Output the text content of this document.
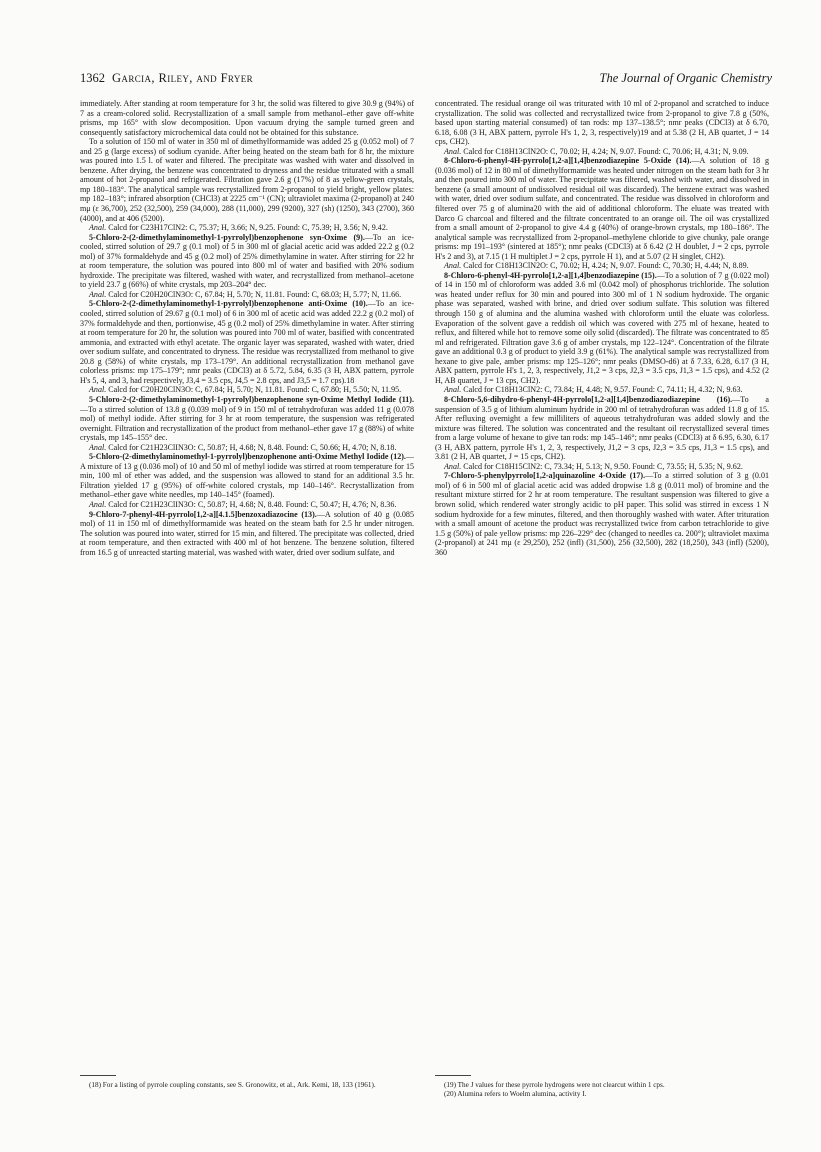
1362 Garcia, Riley, and Fryer	The Journal of Organic Chemistry

immediately. After standing at room temperature for 3 hr, the solid was filtered to give 30.9 g (94%) of 7 as a cream-colored solid. Recrystallization of a small sample from methanol–ether gave off-white prisms, mp 165° with slow decomposition. Upon vacuum drying the sample turned green and consequently satisfactory microchemical data could not be obtained for this substance.

To a solution of 150 ml of water in 350 ml of dimethylformamide was added 25 g (0.052 mol) of 7 and 25 g (large excess) of sodium cyanide. After being heated on the steam bath for 8 hr, the mixture was poured into 1.5 l. of water and filtered. The precipitate was washed with water and dissolved in benzene. After drying, the benzene was concentrated to dryness and the residue triturated with a small amount of hot 2-propanol and refrigerated. Filtration gave 2.6 g (17%) of 8 as yellow-green crystals, mp 180–183°. The analytical sample was recrystallized from 2-propanol to yield bright, yellow plates: mp 182–183°; infrared absorption (CHCl3) at 2225 cm⁻¹ (CN); ultraviolet maxima (2-propanol) at 240 mμ (ε 36,700), 252 (32,500), 259 (34,000), 288 (11,000), 299 (9200), 327 (sh) (1250), 343 (2700), 360 (4000), and at 406 (5200).

Anal. Calcd for C23H17ClN2: C, 75.37; H, 3.66; N, 9.25. Found: C, 75.39; H, 3.56; N, 9.42.

5-Chloro-2-(2-dimethylaminomethyl-1-pyrrolyl)benzophenone syn-Oxime (9).—To an ice-cooled, stirred solution of 29.7 g (0.1 mol) of 5 in 300 ml of glacial acetic acid was added 22.2 g (0.2 mol) of 37% formaldehyde and 45 g (0.2 mol) of 25% dimethylamine in water. After stirring for 22 hr at room temperature, the solution was poured into 800 ml of water and basified with 20% sodium hydroxide. The precipitate was filtered, washed with water, and recrystallized from methanol–acetone to yield 23.7 g (66%) of white crystals, mp 203–204° dec.

Anal. Calcd for C20H20ClN3O: C, 67.84; H, 5.70; N, 11.81. Found: C, 68.03; H, 5.77; N, 11.66.

5-Chloro-2-(2-dimethylaminomethyl-1-pyrrolyl)benzophenone anti-Oxime (10).—To an ice-cooled, stirred solution of 29.67 g (0.1 mol) of 6 in 300 ml of acetic acid was added 22.2 g (0.2 mol) of 37% formaldehyde and then, portionwise, 45 g (0.2 mol) of 25% dimethylamine in water. After stirring at room temperature for 20 hr, the solution was poured into 700 ml of water, basified with concentrated ammonia, and extracted with ethyl acetate. The organic layer was separated, washed with water, dried over sodium sulfate, and concentrated to dryness. The residue was recrystallized from methanol to give 20.8 g (58%) of white crystals, mp 173–179°. An additional recrystallization from methanol gave colorless prisms: mp 175–179°; nmr peaks (CDCl3) at δ 5.72, 5.84, 6.35 (3 H, ABX pattern, pyrrole H's 5, 4, and 3, had respectively, J3,4 = 3.5 cps, J4,5 = 2.8 cps, and J3,5 = 1.7 cps).18

Anal. Calcd for C20H20ClN3O: C, 67.84; H, 5.70; N, 11.81. Found: C, 67.80; H, 5.50; N, 11.95.

5-Chloro-2-(2-dimethylaminomethyl-1-pyrrolyl)benzophenone syn-Oxime Methyl Iodide (11).—To a stirred solution of 13.8 g (0.039 mol) of 9 in 150 ml of tetrahydrofuran was added 11 g (0.078 mol) of methyl iodide. After stirring for 3 hr at room temperature, the suspension was refrigerated overnight. Filtration and recrystallization of the product from methanol–ether gave 17 g (88%) of white crystals, mp 145–155° dec.

Anal. Calcd for C21H23ClIN3O: C, 50.87; H, 4.68; N, 8.48. Found: C, 50.66; H, 4.70; N, 8.18.

5-Chloro-(2-dimethylaminomethyl-1-pyrrolyl)benzophenone anti-Oxime Methyl Iodide (12).—A mixture of 13 g (0.036 mol) of 10 and 50 ml of methyl iodide was stirred at room temperature for 15 min, 100 ml of ether was added, and the suspension was allowed to stand for an additional 3.5 hr. Filtration yielded 17 g (95%) of off-white colored crystals, mp 140–146°. Recrystallization from methanol–ether gave white needles, mp 140–145° (foamed).

Anal. Calcd for C21H23ClIN3O: C, 50.87; H, 4.68; N, 8.48. Found: C, 50.47; H, 4.76; N, 8.36.

9-Chloro-7-phenyl-4H-pyrrolo[1,2-a][4.1.5]benzoxadiazocine (13).—A solution of 40 g (0.085 mol) of 11 in 150 ml of dimethylformamide was heated on the steam bath for 2.5 hr under nitrogen. The solution was poured into water, stirred for 15 min, and filtered. The precipitate was collected, dried at room temperature, and then extracted with 400 ml of hot benzene. The benzene solution, filtered from 16.5 g of unreacted starting material, was washed with water, dried over sodium sulfate, and

concentrated. The residual orange oil was triturated with 10 ml of 2-propanol and scratched to induce crystallization. The solid was collected and recrystallized twice from 2-propanol to give 7.8 g (50%, based upon starting material consumed) of tan rods: mp 137–138.5°; nmr peaks (CDCl3) at δ 6.70, 6.18, 6.08 (3 H, ABX pattern, pyrrole H's 1, 2, 3, respectively)19 and at 5.38 (2 H, AB quartet, J = 14 cps, CH2).

Anal. Calcd for C18H13ClN2O: C, 70.02; H, 4.24; N, 9.07. Found: C, 70.06; H, 4.31; N, 9.09.

8-Chloro-6-phenyl-4H-pyrrolo[1,2-a][1,4]benzodiazepine 5-Oxide (14).—A solution of 18 g (0.036 mol) of 12 in 80 ml of dimethylformamide was heated under nitrogen on the steam bath for 3 hr and then poured into 300 ml of water. The precipitate was filtered, washed with water, and dissolved in benzene (a small amount of undissolved residual oil was discarded). The benzene extract was washed with water, dried over sodium sulfate, and concentrated. The residue was dissolved in chloroform and filtered over 75 g of alumina20 with the aid of additional chloroform. The eluate was treated with Darco G charcoal and filtered and the filtrate concentrated to an orange oil. The oil was crystallized from a small amount of 2-propanol to give 4.4 g (40%) of orange-brown crystals, mp 180–186°. The analytical sample was recrystallized from 2-propanol–methylene chloride to give chunky, pale orange prisms: mp 191–193° (sintered at 185°); nmr peaks (CDCl3) at δ 6.42 (2 H doublet, J = 2 cps, pyrrole H's 2 and 3), at 7.15 (1 H multiplet J = 2 cps, pyrrole H 1), and at 5.07 (2 H singlet, CH2).

Anal. Calcd for C18H13ClN2O: C, 70.02; H, 4.24; N, 9.07. Found: C, 70.30; H, 4.44; N, 8.89.

8-Chloro-6-phenyl-4H-pyrrolo[1,2-a][1,4]benzodiazepine (15).—To a solution of 7 g (0.022 mol) of 14 in 150 ml of chloroform was added 3.6 ml (0.042 mol) of phosphorus trichloride. The solution was heated under reflux for 30 min and poured into 300 ml of 1 N sodium hydroxide. The organic phase was separated, washed with brine, and dried over sodium sulfate. This solution was filtered through 150 g of alumina and the alumina washed with chloroform until the eluate was colorless. Evaporation of the solvent gave a reddish oil which was covered with 275 ml of hexane, heated to reflux, and filtered while hot to remove some oily solid (discarded). The filtrate was concentrated to 85 ml and refrigerated. Filtration gave 3.6 g of amber crystals, mp 122–124°. Concentration of the filtrate gave an additional 0.3 g of product to yield 3.9 g (61%). The analytical sample was recrystallized from hexane to give pale, amber prisms: mp 125–126°; nmr peaks (DMSO-d6) at δ 7.33, 6.28, 6.17 (3 H, ABX pattern, pyrrole H's 1, 2, 3, respectively, J1,2 = 3 cps, J2,3 = 3.5 cps, J1,3 = 1.5 cps), and 4.52 (2 H, AB quartet, J = 13 cps, CH2).

Anal. Calcd for C18H13ClN2: C, 73.84; H, 4.48; N, 9.57. Found: C, 74.11; H, 4.32; N, 9.63.

8-Chloro-5,6-dihydro-6-phenyl-4H-pyrrolo[1,2-a][1,4]benzodiazodiazepine (16).—To a suspension of 3.5 g of lithium aluminum hydride in 200 ml of tetrahydrofuran was added 11.8 g of 15. After refluxing overnight a few milliliters of aqueous tetrahydrofuran was added slowly and the mixture was filtered. The solution was concentrated and the resultant oil recrystallized several times from a large volume of hexane to give tan rods: mp 145–146°; nmr peaks (CDCl3) at δ 6.95, 6.30, 6.17 (3 H, ABX pattern, pyrrole H's 1, 2, 3, respectively, J1,2 = 3 cps, J2,3 = 3.5 cps, J1,3 = 1.5 cps), and 3.81 (2 H, AB quartet, J = 15 cps, CH2).

Anal. Calcd for C18H15ClN2: C, 73.34; H, 5.13; N, 9.50. Found: C, 73.55; H, 5.35; N, 9.62.

7-Chloro-5-phenylpyrrolo[1,2-a]quinazoline 4-Oxide (17).—To a stirred solution of 3 g (0.01 mol) of 6 in 500 ml of glacial acetic acid was added dropwise 1.8 g (0.011 mol) of bromine and the resultant mixture stirred for 2 hr at room temperature. The resultant suspension was filtered to give a brown solid, which rendered water strongly acidic to pH paper. This solid was stirred in excess 1 N sodium hydroxide for a few minutes, filtered, and then thoroughly washed with water. After trituration with a small amount of acetone the product was recrystallized twice from carbon tetrachloride to give 1.5 g (50%) of pale yellow prisms: mp 226–229° dec (changed to needles ca. 200°); ultraviolet maxima (2-propanol) at 241 mμ (ε 29,250), 252 (infl) (31,500), 256 (32,500), 282 (18,250), 343 (infl) (5200), 360

(18) For a listing of pyrrole coupling constants, see S. Gronowitz, et al., Ark. Kemi, 18, 133 (1961).	(19) The J values for these pyrrole hydrogens were not clearcut within 1 cps.

(20) Alumina refers to Woelm alumina, activity I.
